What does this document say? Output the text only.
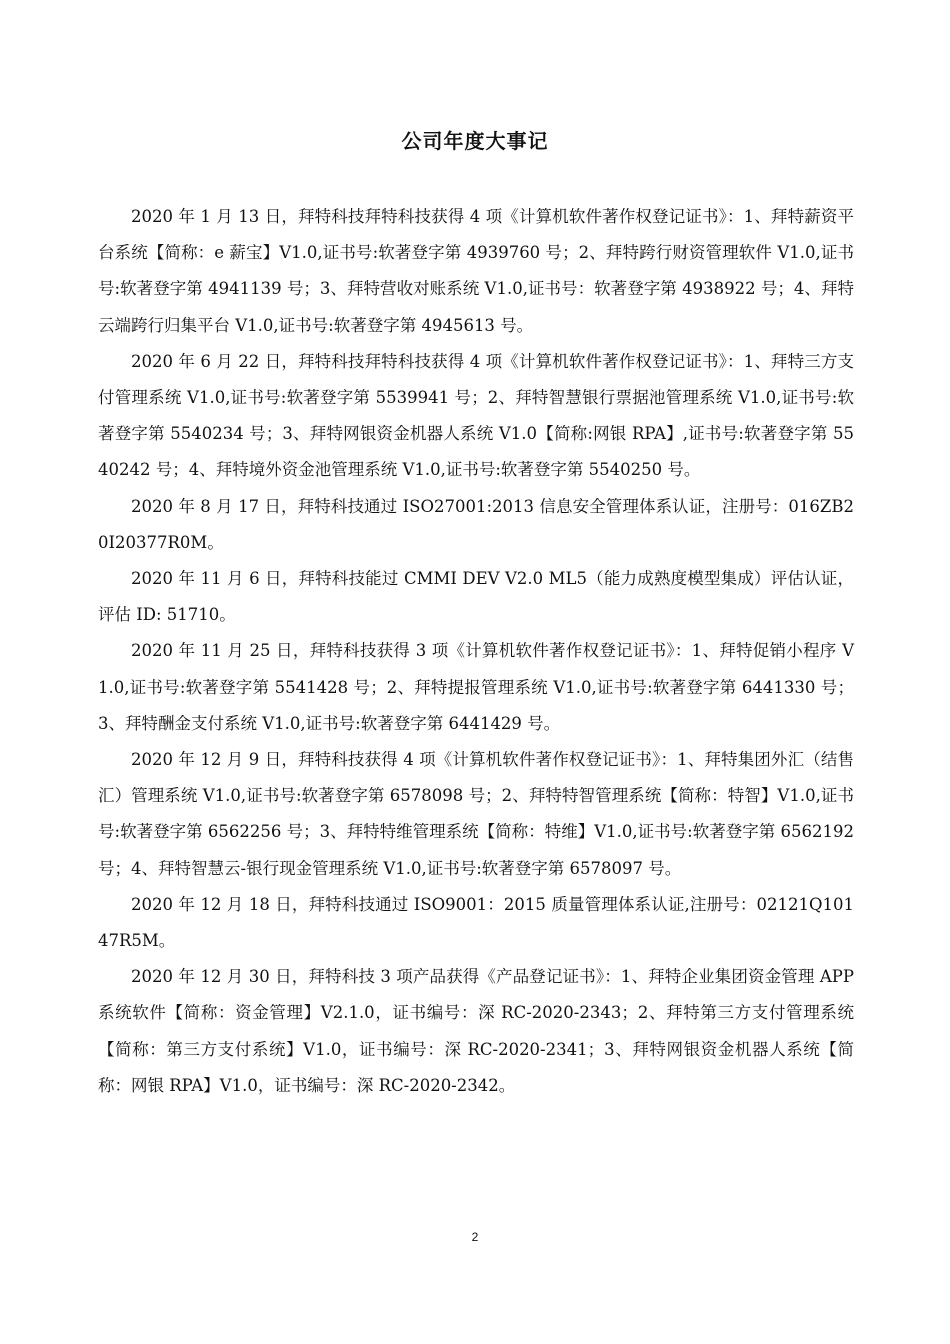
公司年度大事记

2020 年 1 月 13 日，拜特科技拜特科技获得 4 项《计算机软件著作权登记证书》：1、拜特薪资平台系统【简称：e 薪宝】V1.0,证书号:软著登字第 4939760 号；2、拜特跨行财资管理软件 V1.0,证书号:软著登字第 4941139 号；3、拜特营收对账系统 V1.0,证书号：软著登字第 4938922 号；4、拜特云端跨行归集平台 V1.0,证书号:软著登字第 4945613 号。

2020 年 6 月 22 日，拜特科技拜特科技获得 4 项《计算机软件著作权登记证书》：1、拜特三方支付管理系统 V1.0,证书号:软著登字第 5539941 号；2、拜特智慧银行票据池管理系统 V1.0,证书号:软著登字第 5540234 号；3、拜特网银资金机器人系统 V1.0【简称:网银 RPA】,证书号:软著登字第 5540242 号；4、拜特境外资金池管理系统 V1.0,证书号:软著登字第 5540250 号。

2020 年 8 月 17 日，拜特科技通过 ISO27001:2013 信息安全管理体系认证，注册号：016ZB20I20377R0M。

2020 年 11 月 6 日，拜特科技能过 CMMI DEV V2.0 ML5（能力成熟度模型集成）评估认证，评估 ID: 51710。

2020 年 11 月 25 日，拜特科技获得 3 项《计算机软件著作权登记证书》：1、拜特促销小程序 V1.0,证书号:软著登字第 5541428 号；2、拜特提报管理系统 V1.0,证书号:软著登字第 6441330 号；3、拜特酬金支付系统 V1.0,证书号:软著登字第 6441429 号。

2020 年 12 月 9 日，拜特科技获得 4 项《计算机软件著作权登记证书》：1、拜特集团外汇（结售汇）管理系统 V1.0,证书号:软著登字第 6578098 号；2、拜特特智管理系统【简称：特智】V1.0,证书号:软著登字第 6562256 号；3、拜特特维管理系统【简称：特维】V1.0,证书号:软著登字第 6562192 号；4、拜特智慧云-银行现金管理系统 V1.0,证书号:软著登字第 6578097 号。

2020 年 12 月 18 日，拜特科技通过 ISO9001：2015 质量管理体系认证,注册号：02121Q10147R5M。

2020 年 12 月 30 日，拜特科技 3 项产品获得《产品登记证书》：1、拜特企业集团资金管理 APP 系统软件【简称：资金管理】V2.1.0，证书编号：深 RC-2020-2343；2、拜特第三方支付管理系统【简称：第三方支付系统】V1.0，证书编号：深 RC-2020-2341；3、拜特网银资金机器人系统【简称：网银 RPA】V1.0，证书编号：深 RC-2020-2342。

2
